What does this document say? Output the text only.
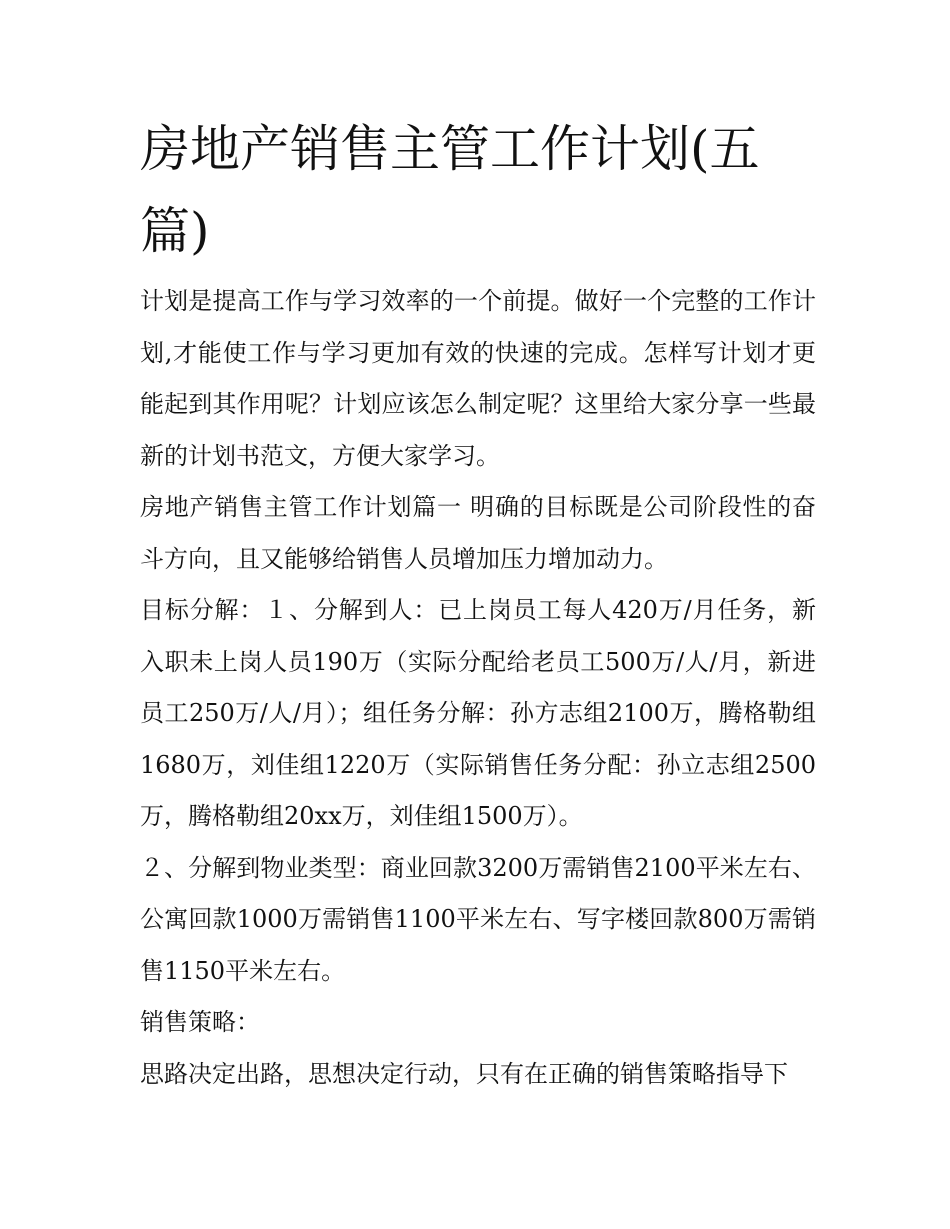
房地产销售主管工作计划(五篇)

计划是提高工作与学习效率的一个前提。做好一个完整的工作计划,才能使工作与学习更加有效的快速的完成。怎样写计划才更能起到其作用呢？计划应该怎么制定呢？这里给大家分享一些最新的计划书范文，方便大家学习。

房地产销售主管工作计划篇一 明确的目标既是公司阶段性的奋斗方向，且又能够给销售人员增加压力增加动力。

目标分解：１、分解到人：已上岗员工每人420万/月任务，新入职未上岗人员190万（实际分配给老员工500万/人/月，新进员工250万/人/月）；组任务分解：孙方志组2100万，腾格勒组1680万，刘佳组1220万（实际销售任务分配：孙立志组2500万，腾格勒组20xx万，刘佳组1500万）。

２、分解到物业类型：商业回款3200万需销售2100平米左右、公寓回款1000万需销售1100平米左右、写字楼回款800万需销售1150平米左右。

销售策略：

思路决定出路，思想决定行动，只有在正确的销售策略指导下
